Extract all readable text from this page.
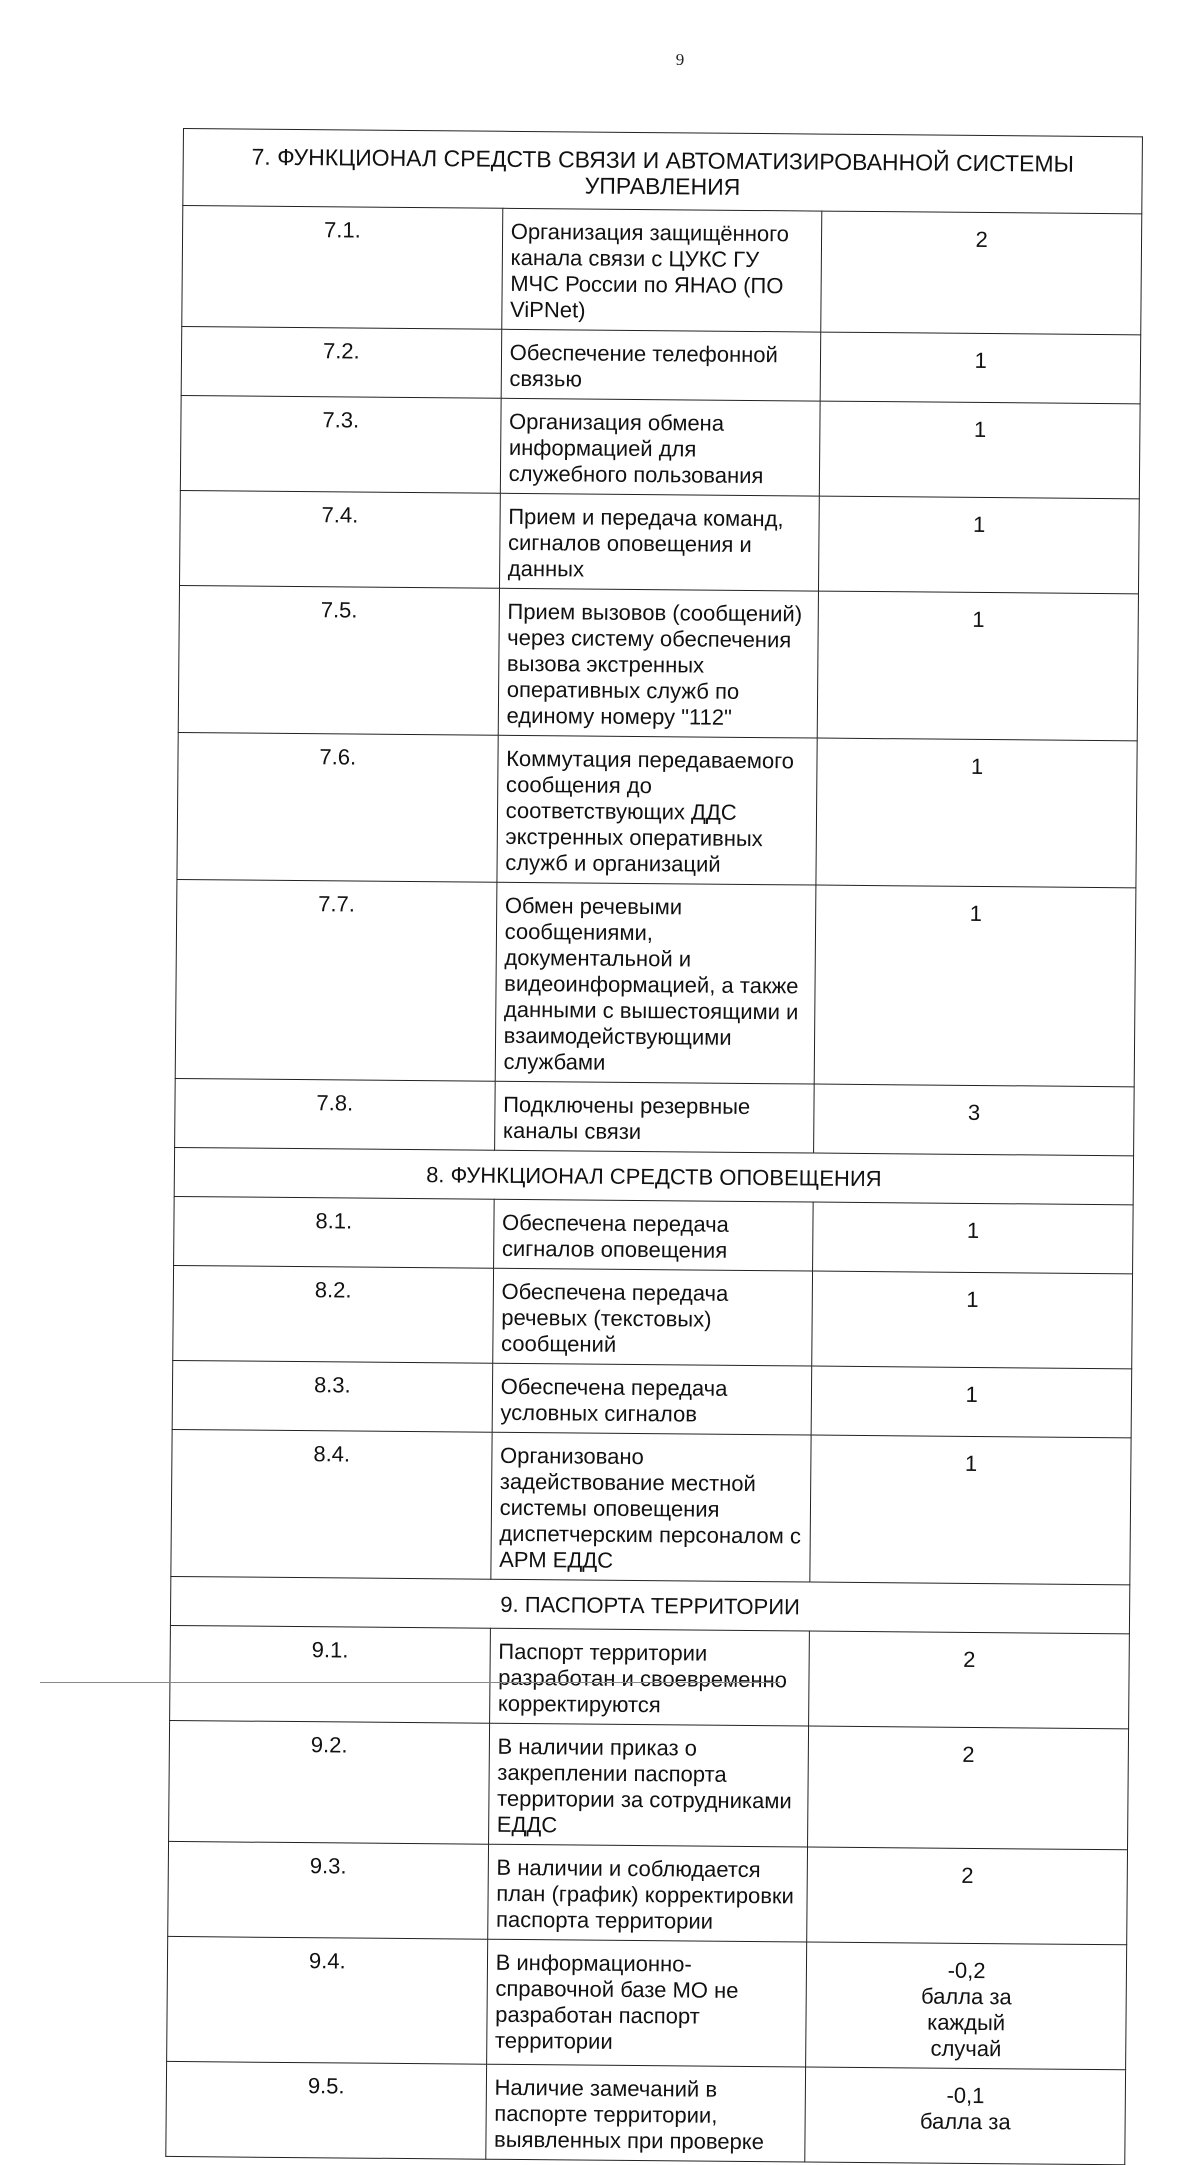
9
7. ФУНКЦИОНАЛ СРЕДСТВ СВЯЗИ И АВТОМАТИЗИРОВАННОЙ СИСТЕМЫ УПРАВЛЕНИЯ		
7.1.	Организация защищённого канала связи с ЦУКС ГУ МЧС России по ЯНАО (ПО ViPNet)	2
7.2.	Обеспечение телефонной связью	1
7.3.	Организация обмена информацией для служебного пользования	1
7.4.	Прием и передача команд, сигналов оповещения и данных	1
7.5.	Прием вызовов (сообщений) через систему обеспечения вызова экстренных оперативных служб по единому номеру "112"	1
7.6.	Коммутация передаваемого сообщения до соответствующих ДДС экстренных оперативных служб и организаций	1
7.7.	Обмен речевыми сообщениями, документальной и видеоинформацией, а также данными с вышестоящими и взаимодействующими службами	1
7.8.	Подключены резервные каналы связи	3
8. ФУНКЦИОНАЛ СРЕДСТВ ОПОВЕЩЕНИЯ		
8.1.	Обеспечена передача сигналов оповещения	1
8.2.	Обеспечена передача речевых (текстовых) сообщений	1
8.3.	Обеспечена передача условных сигналов	1
8.4.	Организовано задействование местной системы оповещения диспетчерским персоналом с АРМ ЕДДС	1
9. ПАСПОРТА ТЕРРИТОРИИ		
9.1.	Паспорт территории разработан и своевременно корректируются	2
9.2.	В наличии приказ о закреплении паспорта территории за сотрудниками ЕДДС	2
9.3.	В наличии и соблюдается план (график) корректировки паспорта территории	2
9.4.	В информационно-справочной базе МО не разработан паспорт территории	-0,2
балла за
каждый
случай
9.5.	Наличие замечаний в паспорте территории, выявленных при проверке	-0,1
балла за
